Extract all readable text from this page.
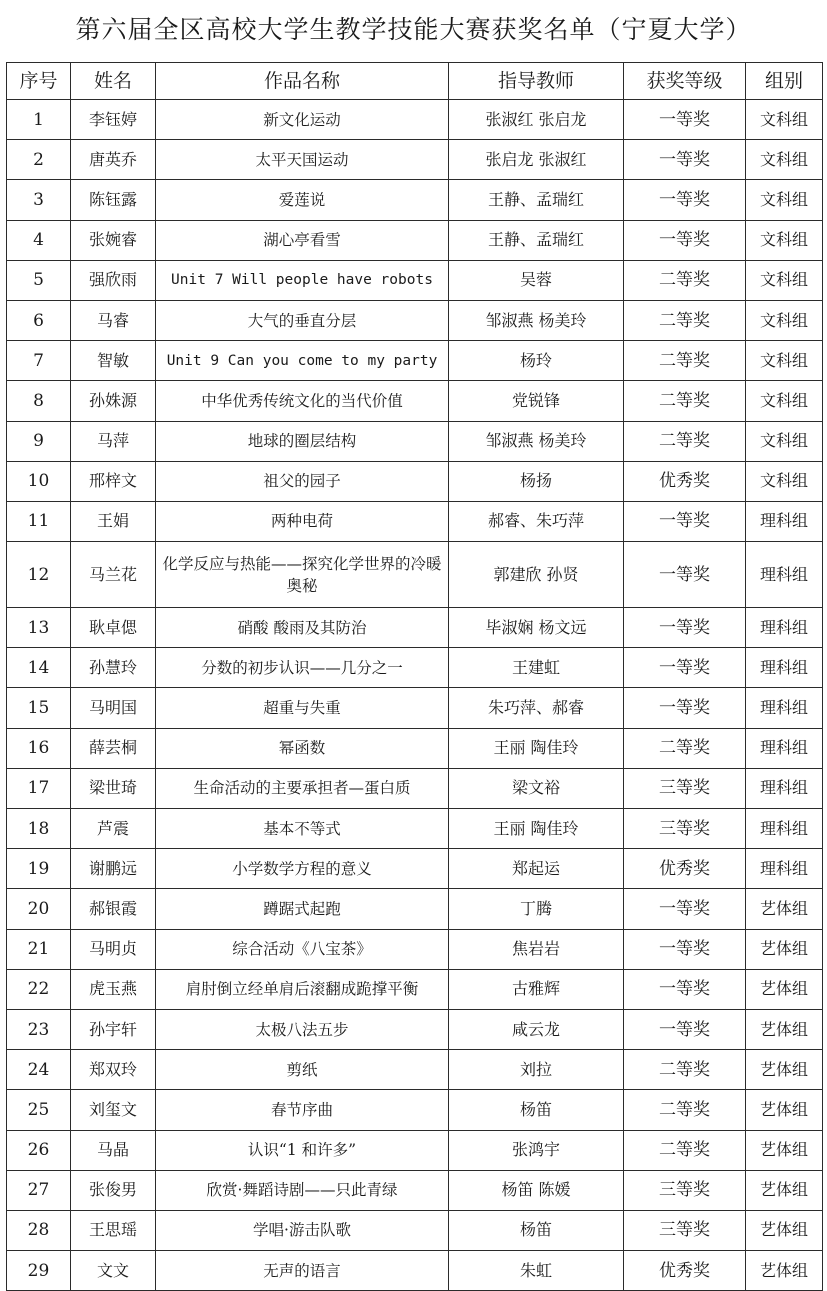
第六届全区高校大学生教学技能大赛获奖名单（宁夏大学）
序号	姓名	作品名称	指导教师	获奖等级	组别
1	李钰婷	新文化运动	张淑红 张启龙	一等奖	文科组
2	唐英乔	太平天国运动	张启龙 张淑红	一等奖	文科组
3	陈钰露	爱莲说	王静、孟瑞红	一等奖	文科组
4	张婉睿	湖心亭看雪	王静、孟瑞红	一等奖	文科组
5	强欣雨	Unit 7 Will people have robots	吴蓉	二等奖	文科组
6	马睿	大气的垂直分层	邹淑燕 杨美玲	二等奖	文科组
7	智敏	Unit 9 Can you come to my party	杨玲	二等奖	文科组
8	孙姝源	中华优秀传统文化的当代价值	党锐锋	二等奖	文科组
9	马萍	地球的圈层结构	邹淑燕 杨美玲	二等奖	文科组
10	邢梓文	祖父的园子	杨扬	优秀奖	文科组
11	王娟	两种电荷	郝睿、朱巧萍	一等奖	理科组
12	马兰花	化学反应与热能——探究化学世界的冷暖奥秘	郭建欣 孙贤	一等奖	理科组
13	耿卓偲	硝酸 酸雨及其防治	毕淑娴 杨文远	一等奖	理科组
14	孙慧玲	分数的初步认识——几分之一	王建虹	一等奖	理科组
15	马明国	超重与失重	朱巧萍、郝睿	一等奖	理科组
16	薛芸桐	幂函数	王丽 陶佳玲	二等奖	理科组
17	梁世琦	生命活动的主要承担者—蛋白质	梁文裕	三等奖	理科组
18	芦震	基本不等式	王丽 陶佳玲	三等奖	理科组
19	谢鹏远	小学数学方程的意义	郑起运	优秀奖	理科组
20	郝银霞	蹲踞式起跑	丁腾	一等奖	艺体组
21	马明贞	综合活动《八宝茶》	焦岩岩	一等奖	艺体组
22	虎玉燕	肩肘倒立经单肩后滚翻成跪撑平衡	古雅辉	一等奖	艺体组
23	孙宇轩	太极八法五步	咸云龙	一等奖	艺体组
24	郑双玲	剪纸	刘拉	二等奖	艺体组
25	刘玺文	春节序曲	杨笛	二等奖	艺体组
26	马晶	认识“1 和许多”	张鸿宇	二等奖	艺体组
27	张俊男	欣赏·舞蹈诗剧——只此青绿	杨笛 陈媛	三等奖	艺体组
28	王思瑶	学唱·游击队歌	杨笛	三等奖	艺体组
29	文文	无声的语言	朱虹	优秀奖	艺体组
